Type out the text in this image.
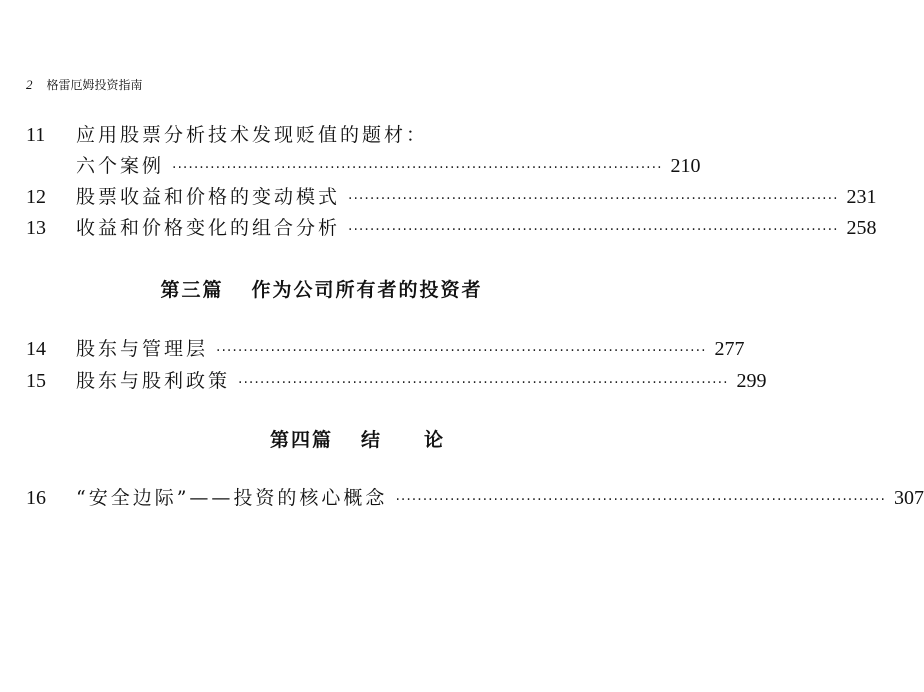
2 格雷厄姆投资指南
11	应用股票分析技术发现贬值的题材：
六个案例 ·························································································· 210
12	股票收益和价格的变动模式 ·························································································· 231
13	收益和价格变化的组合分析 ·························································································· 258
第三篇 作为公司所有者的投资者
14	股东与管理层 ·························································································· 277
15	股东与股利政策 ·························································································· 299
第四篇 结 论
16	“安全边际”——投资的核心概念 ·························································································· 307
